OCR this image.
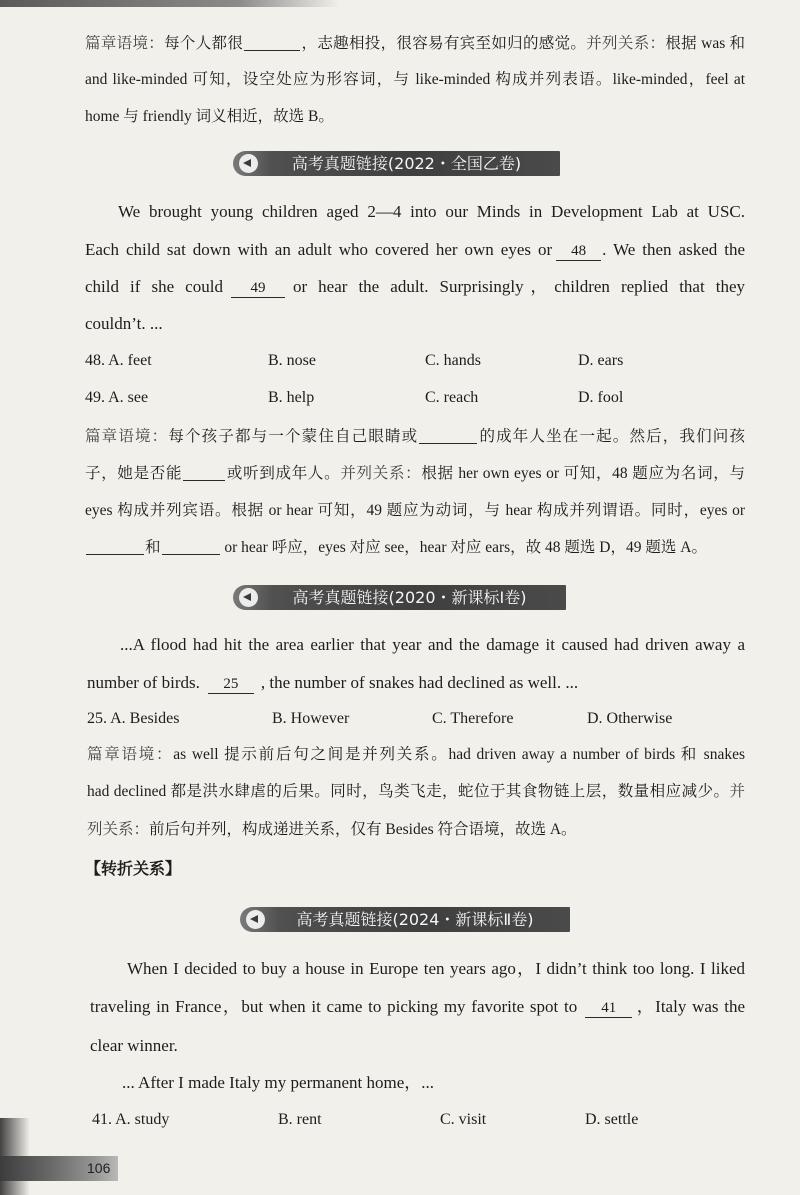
篇章语境：每个人都很	，志趣相投，很容易有宾至如归的感觉。并列关系：根据 was 和
and like-minded 可知，设空处应为形容词，与 like-minded 构成并列表语。like-minded，feel at
home 与 friendly 词义相近，故选 B。
高考真题链接(2022・全国乙卷)
We brought young children aged 2—4 into our Minds in Development Lab at USC.
Each child sat down with an adult who covered her own eyes or 48 . We then asked the
child if she could 49 or hear the adult. Surprisingly，children replied that they
couldn’t. ...
48. A. feet	B. nose	C. hands	D. ears
49. A. see	B. help	C. reach	D. fool
篇章语境：每个孩子都与一个蒙住自己眼睛或	的成年人坐在一起。然后，我们问孩
子，她是否能	或听到成年人。并列关系：根据 her own eyes or 可知，48 题应为名词，与
eyes 构成并列宾语。根据 or hear 可知，49 题应为动词，与 hear 构成并列谓语。同时，eyes or
和	or hear 呼应，eyes 对应 see，hear 对应 ears，故 48 题选 D，49 题选 A。
高考真题链接(2020・新课标Ⅰ卷)
...A flood had hit the area earlier that year and the damage it caused had driven away a
number of birds. 25 , the number of snakes had declined as well. ...
25. A. Besides	B. However	C. Therefore	D. Otherwise
篇章语境：as well 提示前后句之间是并列关系。had driven away a number of birds 和 snakes
had declined 都是洪水肆虐的后果。同时，鸟类飞走，蛇位于其食物链上层，数量相应减少。并
列关系：前后句并列，构成递进关系，仅有 Besides 符合语境，故选 A。
【转折关系】
高考真题链接(2024・新课标Ⅱ卷)
When I decided to buy a house in Europe ten years ago，I didn’t think too long. I liked
traveling in France，but when it came to picking my favorite spot to 41 ，Italy was the
clear winner.
... After I made Italy my permanent home，...
41. A. study	B. rent	C. visit	D. settle
106
